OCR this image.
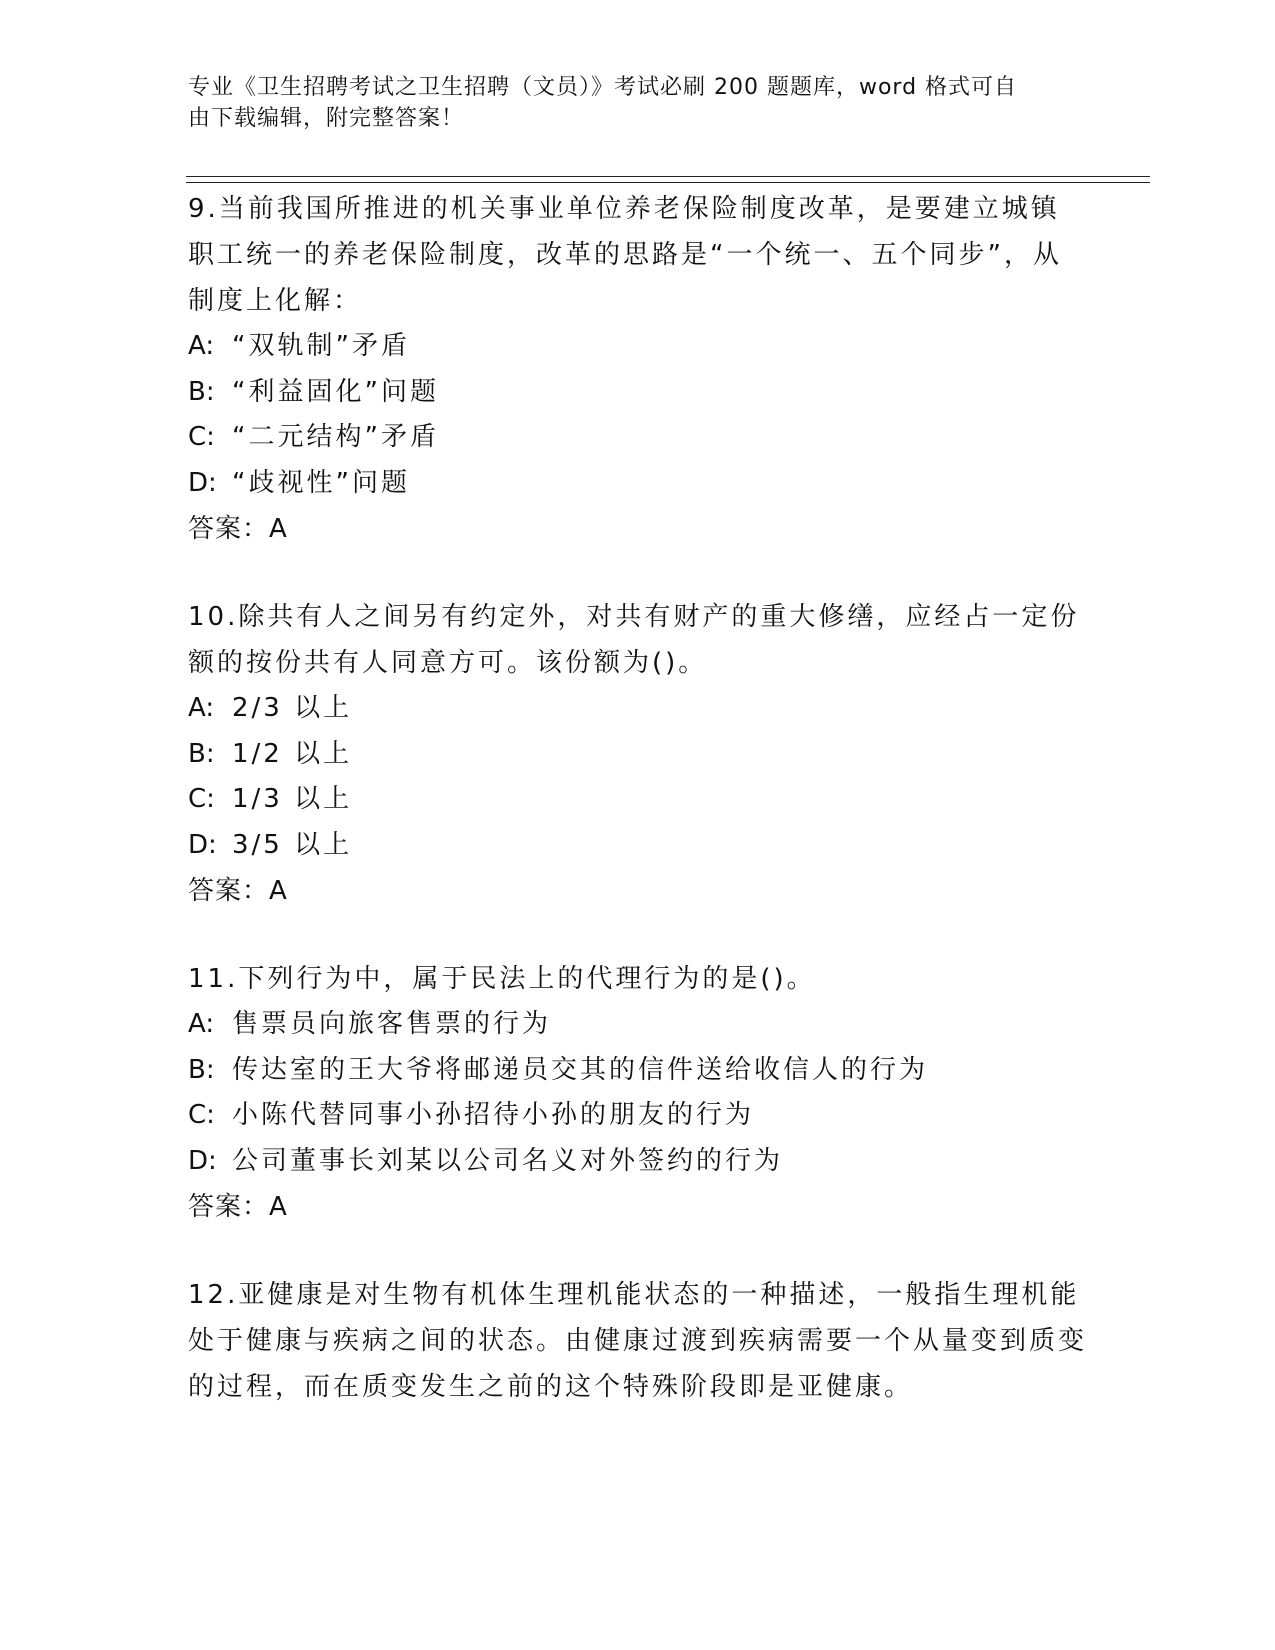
专业《卫生招聘考试之卫生招聘（文员）》考试必刷 200 题题库，word 格式可自
由下载编辑，附完整答案！

9.当前我国所推进的机关事业单位养老保险制度改革，是要建立城镇职工统一的养老保险制度，改革的思路是“一个统一、五个同步”，从制度上化解：

A: “双轨制”矛盾

B: “利益固化”问题

C: “二元结构”矛盾

D: “歧视性”问题

答案：A

10.除共有人之间另有约定外，对共有财产的重大修缮，应经占一定份额的按份共有人同意方可。该份额为()。

A: 2/3 以上

B: 1/2 以上

C: 1/3 以上

D: 3/5 以上

答案：A

11.下列行为中，属于民法上的代理行为的是()。

A: 售票员向旅客售票的行为

B: 传达室的王大爷将邮递员交其的信件送给收信人的行为

C: 小陈代替同事小孙招待小孙的朋友的行为

D: 公司董事长刘某以公司名义对外签约的行为

答案：A

12.亚健康是对生物有机体生理机能状态的一种描述，一般指生理机能处于健康与疾病之间的状态。由健康过渡到疾病需要一个从量变到质变的过程，而在质变发生之前的这个特殊阶段即是亚健康。
